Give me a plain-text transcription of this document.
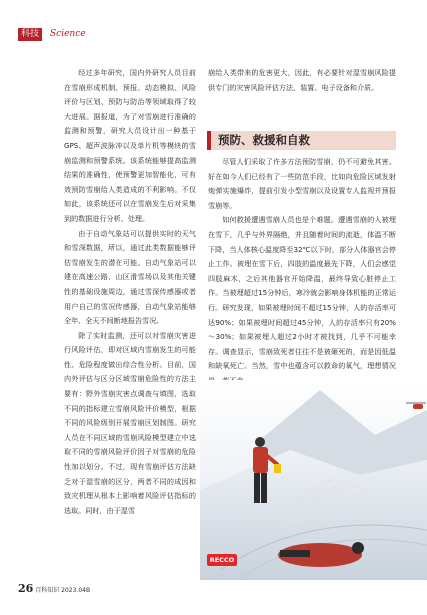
科技	Science

经过多年研究，国内外研究人员目前在雪崩形成机制、预报、动态模拟、风险评价与区划、预防与防治等领域取得了较大进展。据报道，为了对雪崩进行准确的监测和预警，研究人员设计出一种基于GPS、超声波脉冲以及单片机等模块的雪崩监测和预警系统。该系统能够提高监测结果的准确性，使预警更加智能化，可有效预防雪崩给人类造成的不利影响。不仅如此，该系统还可以在雪崩发生后对采集到的数据进行分析、处理。

由于自动气象站可以提供实时的天气和雪深数据，所以，通过此类数据能够评估雪崩发生的潜在可能。自动气象站可以建在高速公路、山区滑雪场以及其他关键性的基础设施周边，通过雪深传感器或者用户自己的雪况传感器，自动气象站能够全年、全天不间断地报告雪况。

除了实时监测，还可以对雪崩灾害进行风险评估，即对区域内雪崩发生的可能性、危险程度做出综合性分析。目前，国内外评估与区分区域雪崩危险性的方法主要有：野外雪崩灾害点调查与填图，选取不同的指标建立雪崩风险评价模型，根据不同的风险级别开展雪崩区划制图。研究人员在不同区域的雪崩风险模型建立中选取不同的雪崩风险评价因子对雪崩的危险性加以划分。不过，现有雪崩评估方法缺乏对于湿雪崩的区分，两者不同的成因和致灾机理从根本上影响着风险评估指标的选取。同时，由于湿雪

崩给人类带来的危害更大，因此，有必要针对湿雪崩风险提供专门的灾害风险评估方法、装置、电子设备和介质。

预防、救援和自救

尽管人们采取了许多方法预防雪崩，仍不可避免其害。好在如今人们已经有了一些防范手段，比如向危险区域发射炮弹实施爆炸，提前引发小型雪崩以及设置专人监视并预报雪崩等。

如何救援遭遇雪崩人员也是个难题。遭遇雪崩的人被埋在雪下，几乎与外界隔绝，并且随着时间的流逝，体温不断下降，当人体核心温度降至32℃以下时，部分人体器官会停止工作。被埋在雪下后，四肢的温度最先下降，人们会感觉四肢麻木，之后其他器官开始降温，最终导致心脏停止工作。当被埋超过15分钟后，寒冷就会影响身体机能的正常运行。研究发现，如果被埋时间不超过15分钟，人的存活率可达90%；如果被埋时间超过45分钟，人的存活率只有20%～30%；如果被埋人超过2小时才被找到，几乎不可能幸存。调查显示，雪崩致死者往往不是被砸死的，而是因低温和缺氧死亡。当然，雪中也蕴含可以救命的氧气，理想情况

RECCO
26 百科知识 2023.04B
